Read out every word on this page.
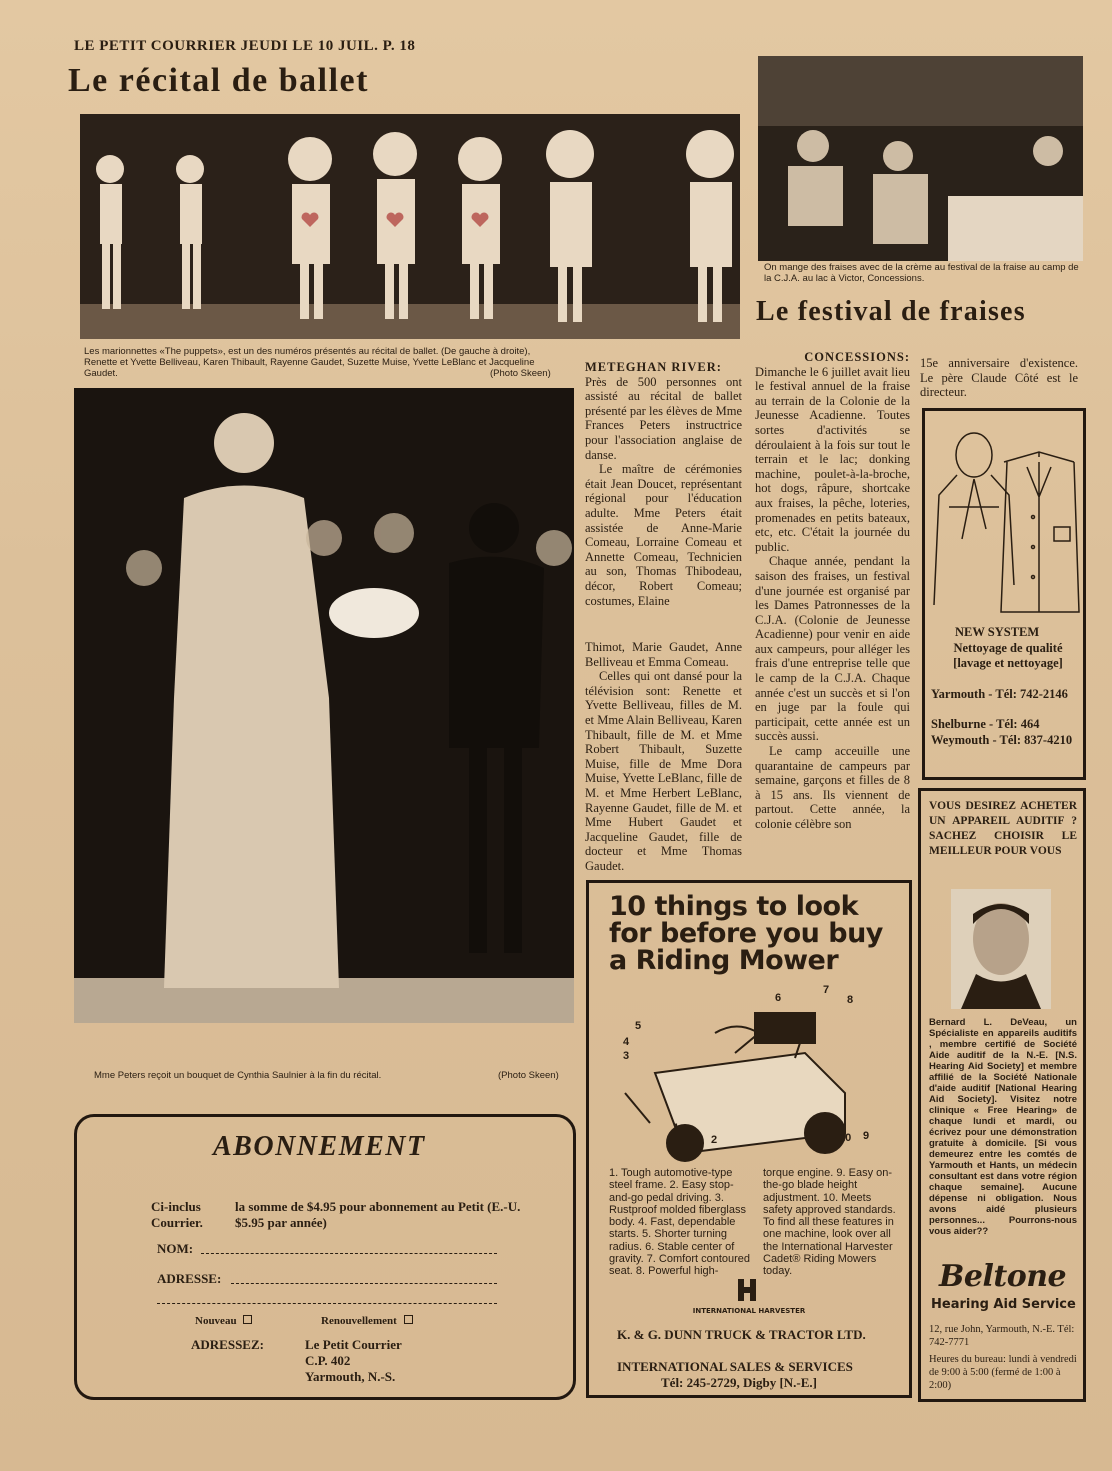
LE PETIT COURRIER JEUDI LE 10 JUIL. P. 18
Le récital de ballet
Les marionnettes «The puppets», est un des numéros présentés au récital de ballet. (De gauche à droite), Renette et Yvette Belliveau, Karen Thibault, Rayenne Gaudet, Suzette Muise, Yvette LeBlanc et Jacqueline Gaudet.	(Photo Skeen)
Mme Peters reçoit un bouquet de Cynthia Saulnier à la fin du récital.	(Photo Skeen)

METEGHAN RIVER:

Près de 500 personnes ont assisté au récital de ballet présenté par les élèves de Mme Frances Peters instructrice pour l'association anglaise de danse.

Le maître de cérémonies était Jean Doucet, représentant régional pour l'éducation adulte. Mme Peters était assistée de Anne-Marie Comeau, Lorraine Comeau et Annette Comeau, Technicien au son, Thomas Thibodeau, décor, Robert Comeau; costumes, Elaine

Thimot, Marie Gaudet, Anne Belliveau et Emma Comeau.

Celles qui ont dansé pour la télévision sont: Renette et Yvette Belliveau, filles de M. et Mme Alain Belliveau, Karen Thibault, fille de M. et Mme Robert Thibault, Suzette Muise, fille de Mme Dora Muise, Yvette LeBlanc, fille de M. et Mme Herbert LeBlanc, Rayenne Gaudet, fille de M. et Mme Hubert Gaudet et Jacqueline Gaudet, fille de docteur et Mme Thomas Gaudet.

On mange des fraises avec de la crème au festival de la fraise au camp de la C.J.A. au lac à Victor, Concessions.
Le festival de fraises

CONCESSIONS:

Dimanche le 6 juillet avait lieu le festival annuel de la fraise au terrain de la Colonie de la Jeunesse Acadienne. Toutes sortes d'activités se déroulaient à la fois sur tout le terrain et le lac; donking machine, poulet-à-la-broche, hot dogs, râpure, shortcake aux fraises, la pêche, loteries, promenades en petits bateaux, etc, etc. C'était la journée du public.

Chaque année, pendant la saison des fraises, un festival d'une journée est organisé par les Dames Patronnesses de la C.J.A. (Colonie de Jeunesse Acadienne) pour venir en aide aux campeurs, pour alléger les frais d'une entreprise telle que le camp de la C.J.A. Chaque année c'est un succès et si l'on en juge par la foule qui participait, cette année est un succès aussi.

Le camp acceuille une quarantaine de campeurs par semaine, garçons et filles de 8 à 15 ans. Ils viennent de partout. Cette année, la colonie célèbre son

15e anniversaire d'existence. Le père Claude Côté est le directeur.

NEW SYSTEM
Nettoyage de qualité [lavage et nettoyage]
Yarmouth - Tél: 742-2146
Shelburne - Tél: 464
Weymouth - Tél: 837-4210
VOUS DESIREZ ACHETER UN APPAREIL AUDITIF ? SACHEZ CHOISIR LE MEILLEUR POUR VOUS
Bernard L. DeVeau, un Spécialiste en appareils auditifs , membre certifié de Société Aide auditif de la N.-E. [N.S. Hearing Aid Society] et membre affilié de la Société Nationale d'aide auditif [National Hearing Aid Society]. Visitez notre clinique « Free Hearing» de chaque lundi et mardi, ou écrivez pour une démonstration gratuite à domicile. [Si vous demeurez entre les comtés de Yarmouth et Hants, un médecin consultant est dans votre région chaque semaine]. Aucune dépense ni obligation. Nous avons aidé plusieurs personnes... Pourrons-nous vous aider??
Beltone
Hearing Aid Service
12, rue John, Yarmouth, N.-E. Tél: 742-7771
Heures du bureau: lundi à vendredi de 9:00 à 5:00 (fermé de 1:00 à 2:00)
10 things to look for before you buy a Riding Mower
1
2
3
4
5
6
7
8
9
10
1. Tough automotive-type steel frame. 2. Easy stop-and-go pedal driving. 3. Rustproof molded fiberglass body. 4. Fast, dependable starts. 5. Shorter turning radius. 6. Stable center of gravity. 7. Comfort contoured seat. 8. Powerful high-
torque engine. 9. Easy on-the-go blade height adjustment. 10. Meets safety approved standards. To find all these features in one machine, look over all the International Harvester Cadet® Riding Mowers today.
INTERNATIONAL HARVESTER
K. & G. DUNN TRUCK & TRACTOR LTD.
INTERNATIONAL SALES & SERVICES
Tél: 245-2729, Digby [N.-E.]
ABONNEMENT
Ci-inclus Courrier.
la somme de $4.95 pour abonnement au Petit (E.-U. $5.95 par année)
NOM:
ADRESSE:
Nouveau	Renouvellement
ADRESSEZ:	Le Petit Courrier
C.P. 402
Yarmouth, N.-S.
